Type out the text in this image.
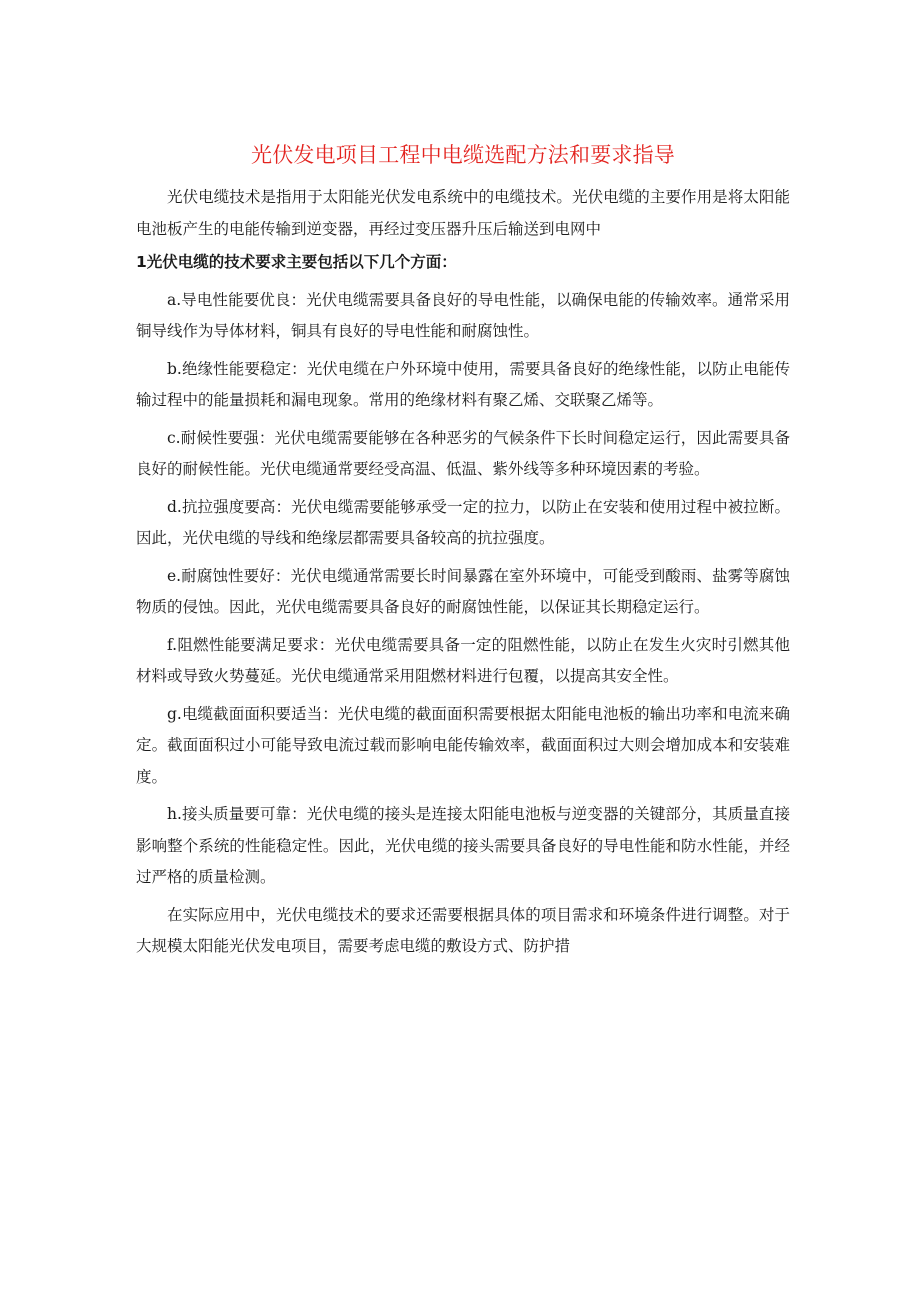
光伏发电项目工程中电缆选配方法和要求指导

光伏电缆技术是指用于太阳能光伏发电系统中的电缆技术。光伏电缆的主要作用是将太阳能电池板产生的电能传输到逆变器，再经过变压器升压后输送到电网中

1光伏电缆的技术要求主要包括以下几个方面：

a.导电性能要优良：光伏电缆需要具备良好的导电性能，以确保电能的传输效率。通常采用铜导线作为导体材料，铜具有良好的导电性能和耐腐蚀性。

b.绝缘性能要稳定：光伏电缆在户外环境中使用，需要具备良好的绝缘性能，以防止电能传输过程中的能量损耗和漏电现象。常用的绝缘材料有聚乙烯、交联聚乙烯等。

c.耐候性要强：光伏电缆需要能够在各种恶劣的气候条件下长时间稳定运行，因此需要具备良好的耐候性能。光伏电缆通常要经受高温、低温、紫外线等多种环境因素的考验。

d.抗拉强度要高：光伏电缆需要能够承受一定的拉力，以防止在安装和使用过程中被拉断。因此，光伏电缆的导线和绝缘层都需要具备较高的抗拉强度。

e.耐腐蚀性要好：光伏电缆通常需要长时间暴露在室外环境中，可能受到酸雨、盐雾等腐蚀物质的侵蚀。因此，光伏电缆需要具备良好的耐腐蚀性能，以保证其长期稳定运行。

f.阻燃性能要满足要求：光伏电缆需要具备一定的阻燃性能，以防止在发生火灾时引燃其他材料或导致火势蔓延。光伏电缆通常采用阻燃材料进行包覆，以提高其安全性。

g.电缆截面面积要适当：光伏电缆的截面面积需要根据太阳能电池板的输出功率和电流来确定。截面面积过小可能导致电流过载而影响电能传输效率，截面面积过大则会增加成本和安装难度。

h.接头质量要可靠：光伏电缆的接头是连接太阳能电池板与逆变器的关键部分，其质量直接影响整个系统的性能稳定性。因此，光伏电缆的接头需要具备良好的导电性能和防水性能，并经过严格的质量检测。

在实际应用中，光伏电缆技术的要求还需要根据具体的项目需求和环境条件进行调整。对于大规模太阳能光伏发电项目，需要考虑电缆的敷设方式、防护措
